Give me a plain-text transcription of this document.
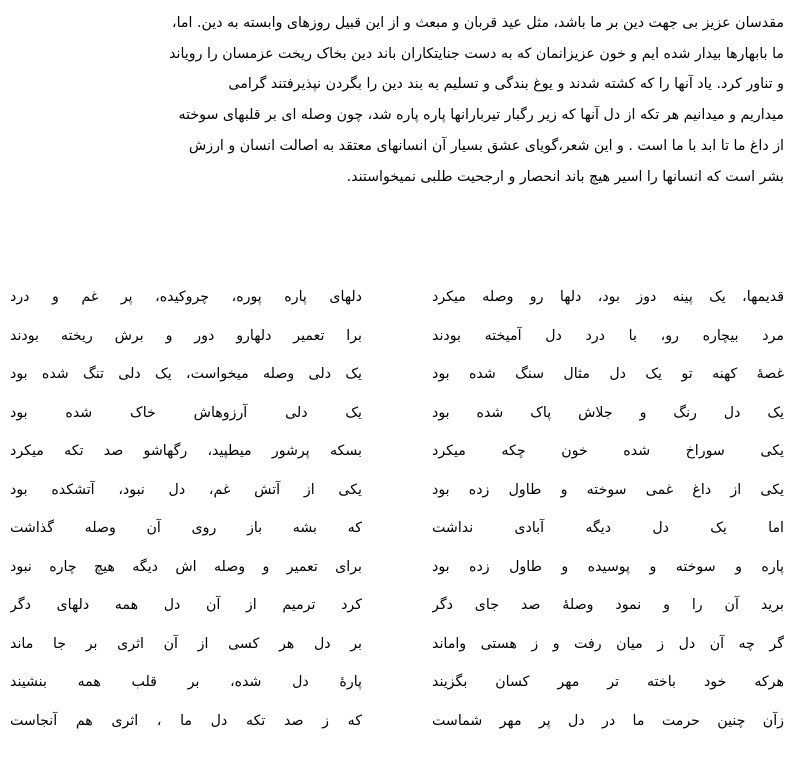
مقدسان عزیز بی جهت دین بر ما باشد، مثل عید قربان و مبعث و از این قبیل روزهای وابسته به دین. اما،
ما بابهارها بیدار شده ایم و خون عزیزانمان که به دست جنایتکاران باند دین بخاک ریخت عزمسان را رویاند
و تناور کرد. یاد آنها را که کشته شدند و یوغ بندگی و تسلیم به بند دین را بگردن نپذیرفتند گرامی
میداریم و میدانیم هر تکه از دل آنها که زیر رگبار تیربارانها پاره پاره شد، چون وصله ای بر قلبهای سوخته
از داغ ما تا ابد با ما است . و این شعر،گویای عشق بسیار آن انسانهای معتقد به اصالت انسان و ارزش
بشر است که انسانها را اسیر هیچ باند انحصار و ارجحیت طلبی نمیخواستند.
قدیمها، یک پینه دوز بود، دلها رو وصله میکرد
مرد بیچاره رو، با درد دل آمیخته بودند
غصهٔ کهنه تو یک دل مثال سنگ شده بود
یک دل رنگ و جلاش پاک شده بود
یکی سوراخ شده خون چکه میکرد
یکی از داغ غمی سوخته و طاول زده بود
اما یک دل دیگه آبادی نداشت
پاره و سوخته و پوسیده و طاول زده بود
برید آن را و نمود وصلهٔ صد جای دگر
گر چه آن دل ز میان رفت و ز هستی واماند
هرکه خود باخته تر مهر کسان بگزیند
زآن چنین حرمت ما در دل پر مهر شماست
دلهای پاره پوره، چروکیده، پر غم و درد
برا تعمیر دلهارو دور و برش ریخته بودند
یک دلی وصله میخواست، یک دلی تنگ شده بود
یک دلی آرزوهاش خاک شده بود
بسکه پرشور میطپید، رگهاشو صد تکه میکرد
یکی از آتش غم، دل نبود، آتشکده بود
که بشه باز روی آن وصله گذاشت
برای تعمیر و وصله اش دیگه هیچ چاره نبود
کرد ترمیم از آن دل همه دلهای دگر
بر دل هر کسی از آن اثری بر جا ماند
پارهٔ دل شده، بر قلب همه بنشیند
که ز صد تکه دل ما ، اثری هم آنجاست
